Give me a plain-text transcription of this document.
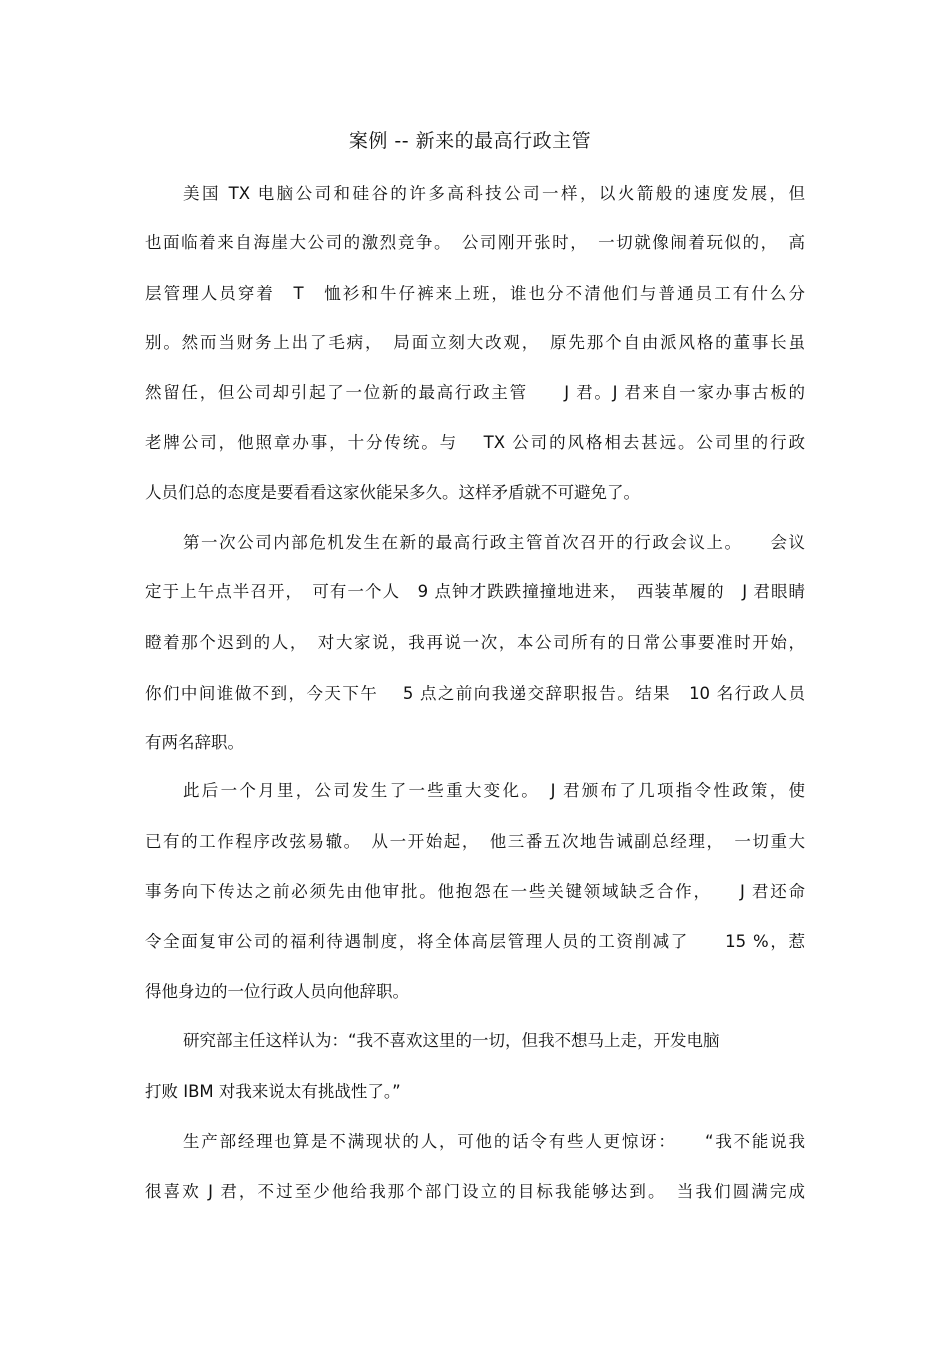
案例 -- 新来的最高行政主管
美国 TX 电脑公司和硅谷的许多高科技公司一样，以火箭般的速度发展，但
也面临着来自海崖大公司的激烈竞争。　公司刚开张时，　一切就像闹着玩似的，　高
层管理人员穿着　T　恤衫和牛仔裤来上班，谁也分不清他们与普通员工有什么分
别。然而当财务上出了毛病，　局面立刻大改观，　原先那个自由派风格的董事长虽
然留任，但公司却引起了一位新的最高行政主管　　J 君。J 君来自一家办事古板的
老牌公司，他照章办事，十分传统。与　 TX 公司的风格相去甚远。公司里的行政
人员们总的态度是要看看这家伙能呆多久。这样矛盾就不可避免了。
第一次公司内部危机发生在新的最高行政主管首次召开的行政会议上。　　会议
定于上午点半召开，　可有一个人　9 点钟才跌跌撞撞地进来，　西装革履的　J 君眼睛
瞪着那个迟到的人，　对大家说，我再说一次，本公司所有的日常公事要准时开始，
你们中间谁做不到，今天下午　 5 点之前向我递交辞职报告。结果　10 名行政人员
有两名辞职。
此后一个月里，公司发生了一些重大变化。　J 君颁布了几项指令性政策，使
已有的工作程序改弦易辙。　从一开始起，　他三番五次地告诫副总经理，　一切重大
事务向下传达之前必须先由他审批。他抱怨在一些关键领域缺乏合作，　　J 君还命
令全面复审公司的福利待遇制度，将全体高层管理人员的工资削减了　　15 %，惹
得他身边的一位行政人员向他辞职。
研究部主任这样认为：“我不喜欢这里的一切，但我不想马上走，开发电脑
打败 IBM 对我来说太有挑战性了。”
生产部经理也算是不满现状的人，可他的话令有些人更惊讶：　　“我不能说我
很喜欢 J 君，不过至少他给我那个部门设立的目标我能够达到。　当我们圆满完成
